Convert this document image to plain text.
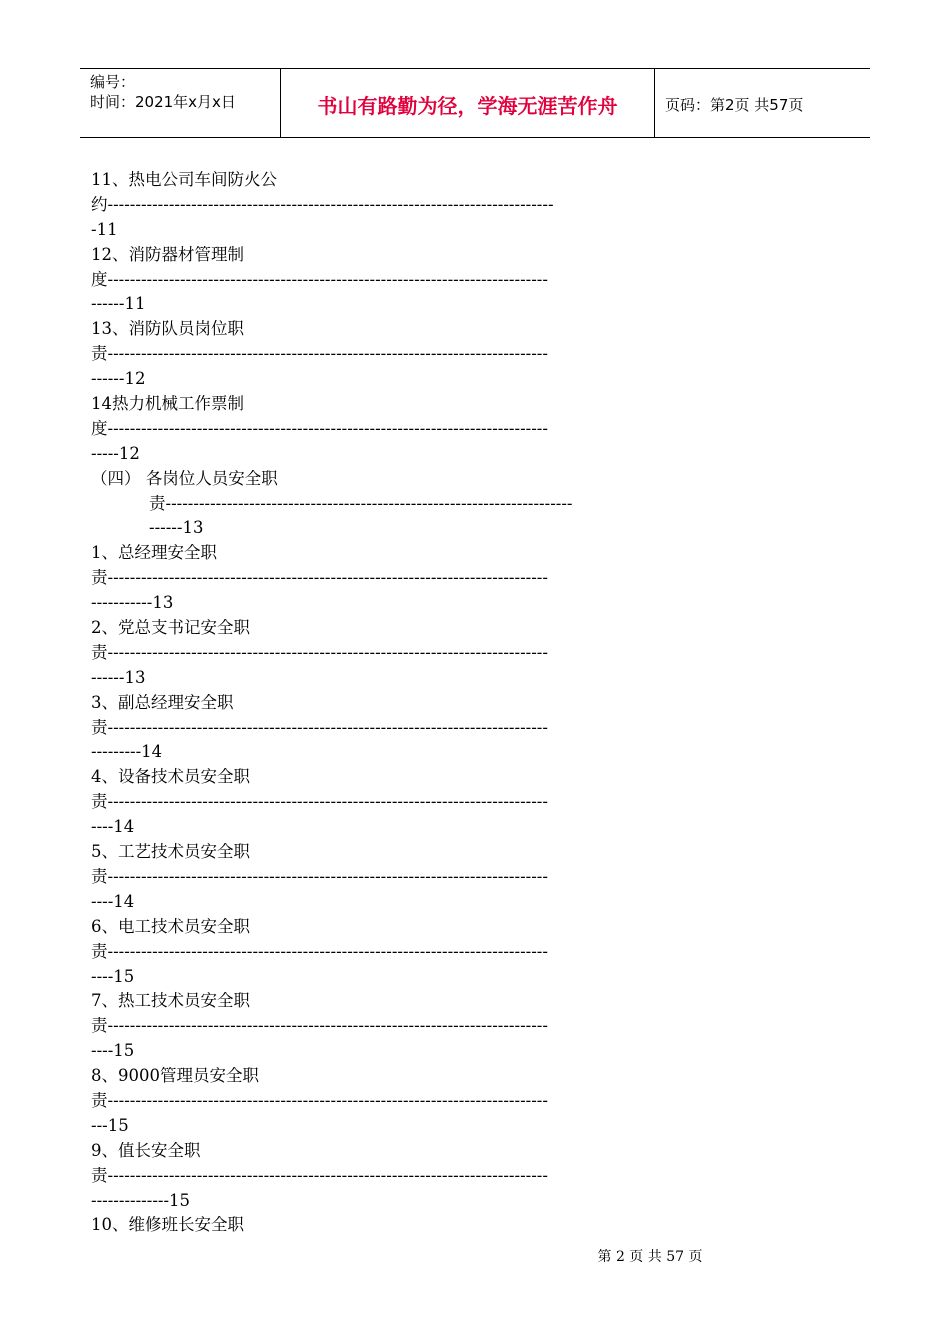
编号：
时间：2021年x月x日	书山有路勤为径，学海无涯苦作舟	页码：第2页 共57页
11、热电公司车间防火公
约--------------------------------------------------------------------------------
-11
12、消防器材管理制
度-------------------------------------------------------------------------------
------11
13、消防队员岗位职
责-------------------------------------------------------------------------------
------12
14热力机械工作票制
度-------------------------------------------------------------------------------
-----12
（四） 各岗位人员安全职
责-------------------------------------------------------------------------
------13
1、总经理安全职
责-------------------------------------------------------------------------------
-----------13
2、党总支书记安全职
责-------------------------------------------------------------------------------
------13
3、副总经理安全职
责-------------------------------------------------------------------------------
---------14
4、设备技术员安全职
责-------------------------------------------------------------------------------
----14
5、工艺技术员安全职
责-------------------------------------------------------------------------------
----14
6、电工技术员安全职
责-------------------------------------------------------------------------------
----15
7、热工技术员安全职
责-------------------------------------------------------------------------------
----15
8、9000管理员安全职
责-------------------------------------------------------------------------------
---15
9、值长安全职
责-------------------------------------------------------------------------------
--------------15
10、维修班长安全职
第 2 页 共 57 页
